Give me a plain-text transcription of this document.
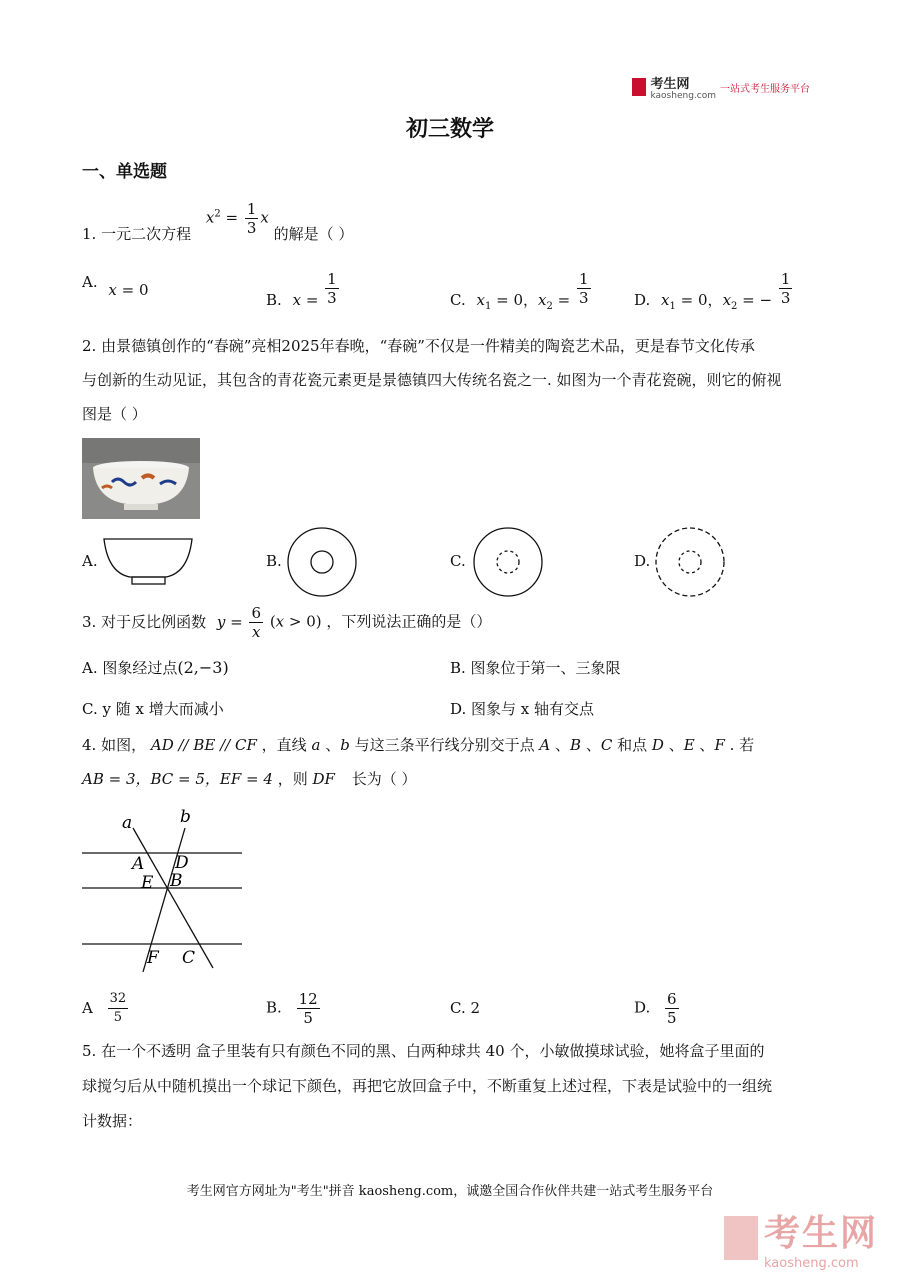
考生网
kaosheng.com
一站式考生服务平台
初三数学
一、单选题
1. 一元二次方程 $x^2 = \frac{1}{3}$ x 的解是（ ）
A. x = 0
B. $x = \frac{1}{3}$	C. $x_1 = 0$，$x_2 = \frac{1}{3}$	D. $x_1 = 0$，$x_2$ = − $\frac{1}{3}$
2. 由景德镇创作的“春碗”亮相2025年春晚，“春碗”不仅是一件精美的陶瓷艺术品，更是春节文化传承
与创新的生动见证，其包含的青花瓷元素更是景德镇四大传统名瓷之一. 如图为一个青花瓷碗，则它的俯视
图是（ ）
A.	B.	C.	D.
3. 对于反比例函数 $y = \frac{6}{x} (x > 0)$ ，下列说法正确的是（）
A. 图象经过点(2,−3)	B. 图象位于第一、三象限
C. y 随 x 增大而减小	D. 图象与 x 轴有交点
4. 如图， AD // BE // CF ，直线 a 、b 与这三条平行线分别交于点 A 、B 、C 和点 D 、E 、F . 若
AB = 3，BC = 5，EF = 4 ，则 DF 长为（ ）
a	b
A D
E B
F C
A $\frac{32}{5}$	B. $\frac{12}{5}$	C. 2	D. $\frac{6}{5}$
5. 在一个不透明 盒子里装有只有颜色不同的黑、白两种球共 40 个，小敏做摸球试验，她将盒子里面的
球搅匀后从中随机摸出一个球记下颜色，再把它放回盒子中，不断重复上述过程，下表是试验中的一组统
计数据：
考生网官方网址为"考生"拼音 kaosheng.com，诚邀全国合作伙伴共建一站式考生服务平台
考生网
kaosheng.com
